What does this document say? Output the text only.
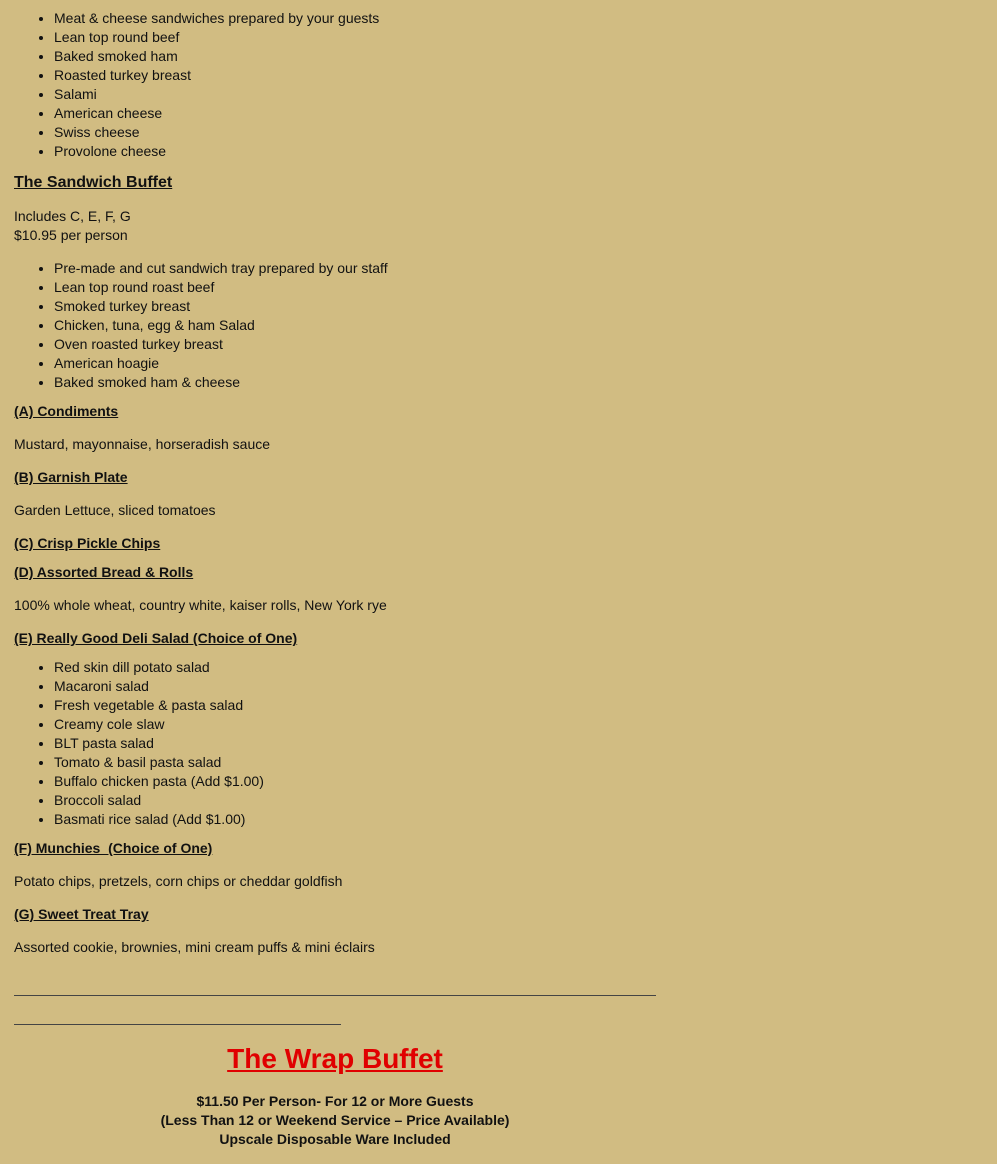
• Meat & cheese sandwiches prepared by your guests
• Lean top round beef
• Baked smoked ham
• Roasted turkey breast
• Salami
• American cheese
• Swiss cheese
• Provolone cheese
The Sandwich Buffet
Includes C, E, F, G
$10.95 per person
• Pre-made and cut sandwich tray prepared by our staff
• Lean top round roast beef
• Smoked turkey breast
• Chicken, tuna, egg & ham Salad
• Oven roasted turkey breast
• American hoagie
• Baked smoked ham & cheese
(A) Condiments
Mustard, mayonnaise, horseradish sauce
(B) Garnish Plate
Garden Lettuce, sliced tomatoes
(C) Crisp Pickle Chips
(D) Assorted Bread & Rolls
100% whole wheat, country white, kaiser rolls, New York rye
(E) Really Good Deli Salad (Choice of One)
• Red skin dill potato salad
• Macaroni salad
• Fresh vegetable & pasta salad
• Creamy cole slaw
• BLT pasta salad
• Tomato & basil pasta salad
• Buffalo chicken pasta (Add $1.00)
• Broccoli salad
• Basmati rice salad (Add $1.00)
(F) Munchies  (Choice of One)
Potato chips, pretzels, corn chips or cheddar goldfish
(G) Sweet Treat Tray
Assorted cookie, brownies, mini cream puffs & mini éclairs
The Wrap Buffet
$11.50 Per Person- For 12 or More Guests
(Less Than 12 or Weekend Service – Price Available)
Upscale Disposable Ware Included
